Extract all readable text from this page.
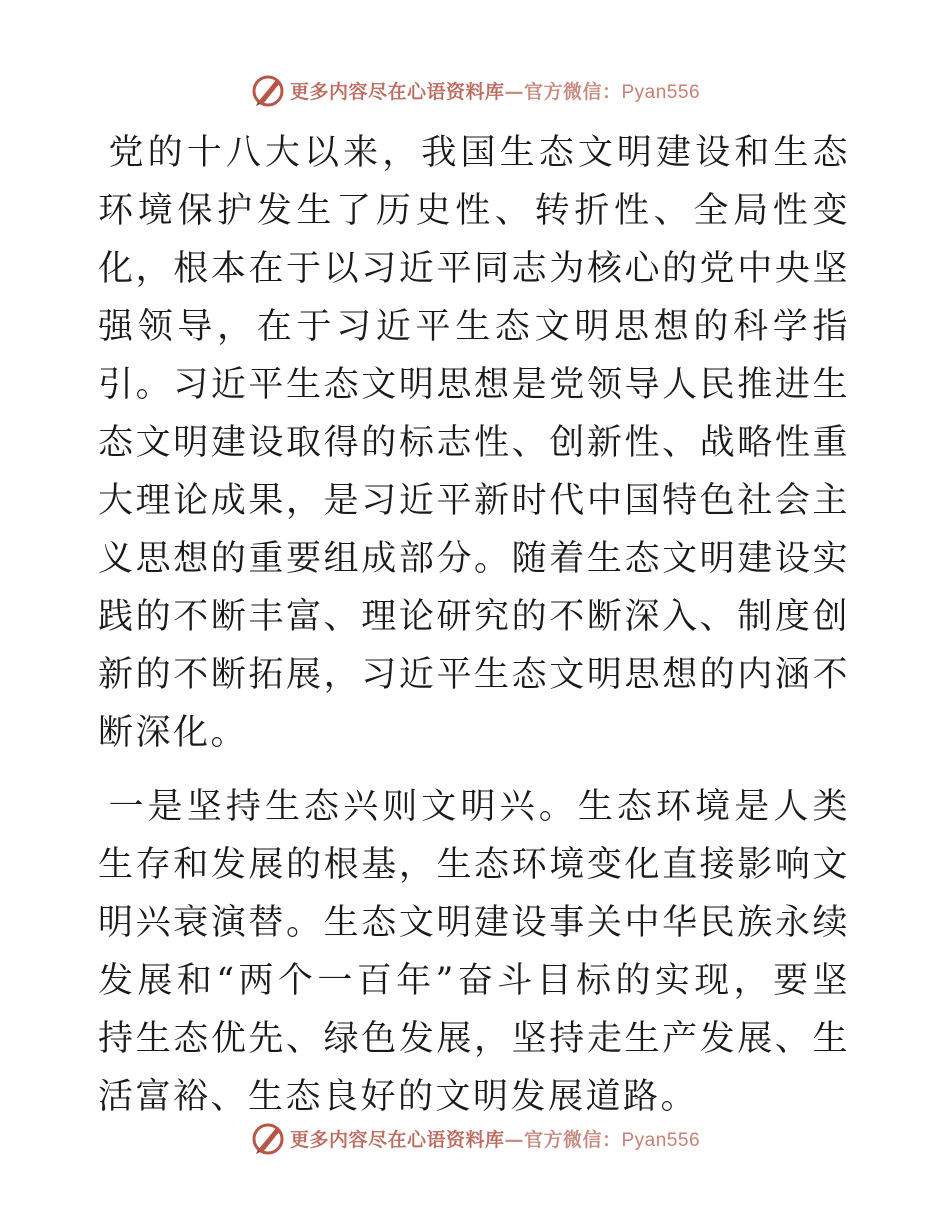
更多内容尽在心语资料库—官方微信：Pyan556

党的十八大以来，我国生态文明建设和生态环境保护发生了历史性、转折性、全局性变化，根本在于以习近平同志为核心的党中央坚强领导，在于习近平生态文明思想的科学指引。习近平生态文明思想是党领导人民推进生态文明建设取得的标志性、创新性、战略性重大理论成果，是习近平新时代中国特色社会主义思想的重要组成部分。随着生态文明建设实践的不断丰富、理论研究的不断深入、制度创新的不断拓展，习近平生态文明思想的内涵不断深化。

一是坚持生态兴则文明兴。生态环境是人类生存和发展的根基，生态环境变化直接影响文明兴衰演替。生态文明建设事关中华民族永续发展和“两个一百年”奋斗目标的实现，要坚持生态优先、绿色发展，坚持走生产发展、生活富裕、生态良好的文明发展道路。

更多内容尽在心语资料库—官方微信：Pyan556
